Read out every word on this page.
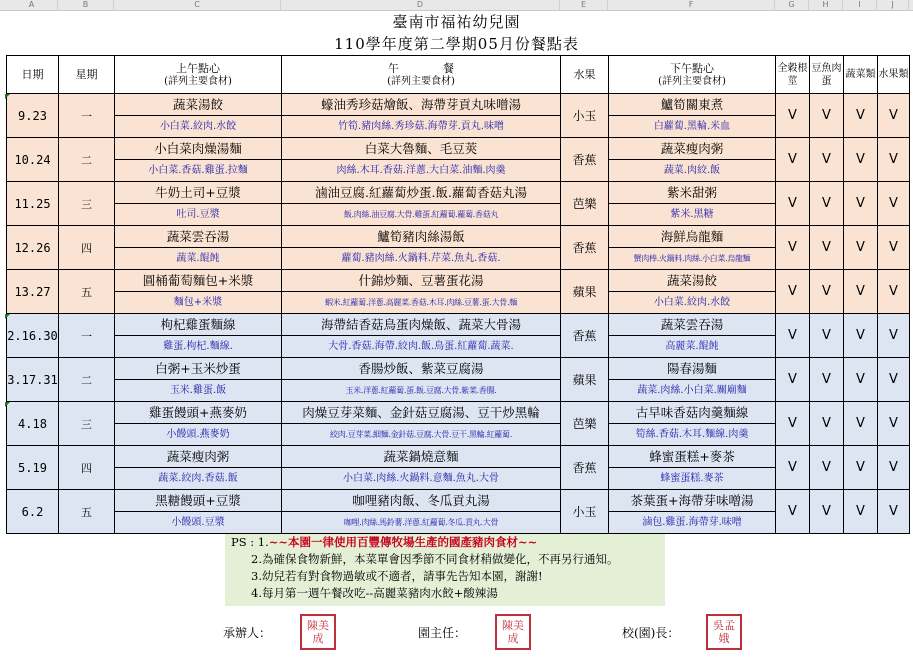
A	B	C	D	E	F	G	H	I	J
臺南市福祐幼兒園
110學年度第二學期05月份餐點表
日期	星期	上午點心
(詳列主要食材)	午　　　　餐
(詳列主要食材)	水果	下午點心
(詳列主要食材)	全穀根莖	豆魚肉蛋	蔬菜類	水果類
9.23	一	蔬菜湯餃	蠔油秀珍菇燴飯、海帶芽貢丸味噌湯	小玉	鱸筍關東煮	V	V	V	V
		小白菜.絞肉.水餃	竹筍.豬肉絲.秀珍菇.海帶芽.貢丸.味噌		白蘿蔔.黑輪.米血				
10.24	二	小白菜肉燥湯麵	白菜大魯麵、毛豆莢	香蕉	蔬菜瘦肉粥	V	V	V	V
		小白菜.香菇.雞蛋.拉麵	肉絲.木耳.香菇.洋蔥.大白菜.油麵.肉羹		蔬菜.肉絞.飯				
11.25	三	牛奶土司+豆漿	滷油豆腐.紅蘿蔔炒蛋.飯.蘿蔔香菇丸湯	芭樂	紫米甜粥	V	V	V	V
		吐司.豆漿	飯.肉絲.油豆腐.大骨.雞蛋.紅蘿蔔.蘿蔔.香菇丸		紫米.黑糖				
12.26	四	蔬菜雲吞湯	鱸筍豬肉絲湯飯	香蕉	海鮮烏龍麵	V	V	V	V
		蔬菜.餛飩	蘿蔔.豬肉絲.火鍋料.芹菜.魚丸.香菇.		蟹肉棒.火鍋料.肉絲.小白菜.烏龍麵				
13.27	五	圓桶葡萄麵包+米漿	什錦炒麵、豆薯蛋花湯	蘋果	蔬菜湯餃	V	V	V	V
		麵包+米漿	蝦米.紅蘿蔔.洋蔥.高麗菜.香菇.木耳.肉絲.豆薯.蛋.大骨.麵		小白菜.絞肉.水餃				
2.16.30	一	枸杞雞蛋麵線	海帶結香菇鳥蛋肉燥飯、蔬菜大骨湯	香蕉	蔬菜雲吞湯	V	V	V	V
		雞蛋.枸杞.麵線.	大骨.香菇.海帶.絞肉.飯.鳥蛋.紅蘿蔔.蔬菜.		高麗菜.餛飩				
3.17.31	二	白粥+玉米炒蛋	香腸炒飯、紫菜豆腐湯	蘋果	陽春湯麵	V	V	V	V
		玉米.雞蛋.飯	玉米.洋蔥.紅蘿蔔.蛋.飯.豆腐.大骨.紫菜.香腸.		蔬菜.肉絲.小白菜.關廟麵				
4.18	三	雞蛋饅頭+燕麥奶	肉燥豆芽菜麵、金針菇豆腐湯、豆干炒黑輪	芭樂	古早味香菇肉羹麵線	V	V	V	V
		小饅頭.燕麥奶	絞肉.豆芽菜.細麵.金針菇.豆腐.大骨.豆干.黑輪.紅蘿蔔.		筍絲.香菇.木耳.麵線.肉羹				
5.19	四	蔬菜瘦肉粥	蔬菜鍋燒意麵	香蕉	蜂蜜蛋糕+麥茶	V	V	V	V
		蔬菜.絞肉.香菇.飯	小白菜.肉絲.火鍋料.意麵.魚丸.大骨		蜂蜜蛋糕.麥茶				
6.2	五	黑糖饅頭+豆漿	咖哩豬肉飯、冬瓜貢丸湯	小玉	茶葉蛋+海帶芽味噌湯	V	V	V	V
		小饅頭.豆漿	咖哩.肉絲.馬鈴薯.洋蔥.紅蘿蔔.冬瓜.貢丸.大骨		滷包.雞蛋.海帶芽.味噌				
PS : 1.~~本園一律使用百豐傳牧場生產的國產豬肉食材~~
2.為確保食物新鮮，本菜單會因季節不同食材稍做變化，不再另行通知。
3.幼兒若有對食物過敏或不適者，請事先告知本園，謝謝!
4.每月第一週午餐改吃--高麗菜豬肉水餃+酸辣湯
承辦人：
陳美成	園主任：
陳美成	校(園)長：
吳孟娥
